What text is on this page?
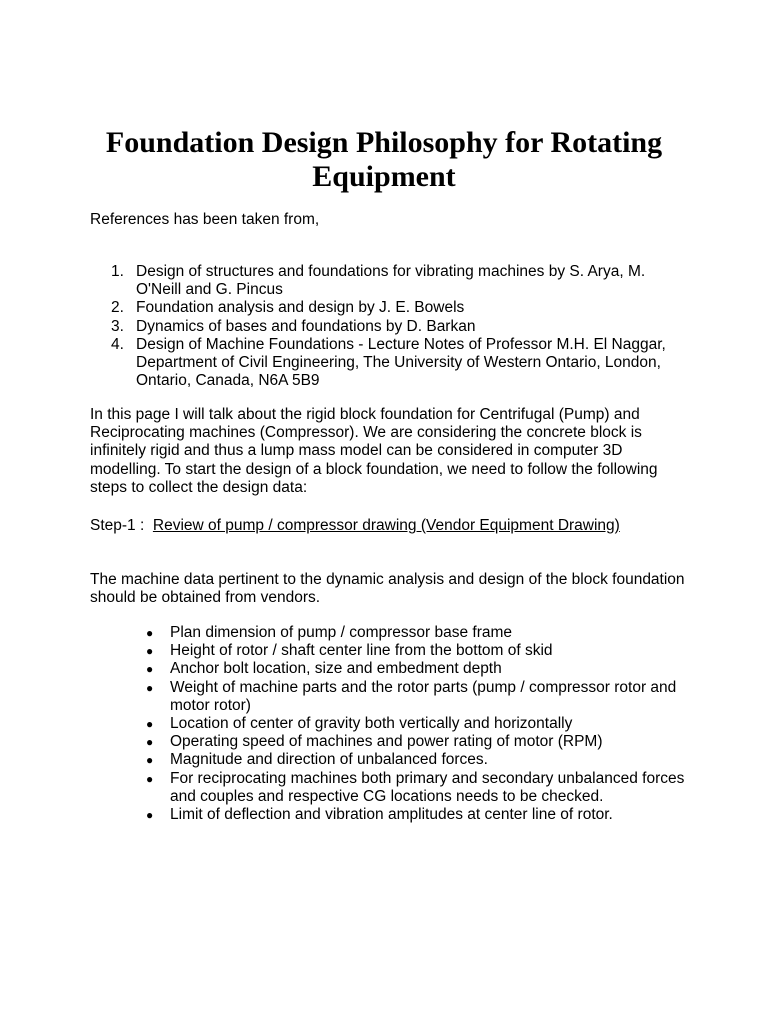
Foundation Design Philosophy for Rotating Equipment

References has been taken from,

1. Design of structures and foundations for vibrating machines by S. Arya, M. O'Neill and G. Pincus
2. Foundation analysis and design by J. E. Bowels
3. Dynamics of bases and foundations by D. Barkan
4. Design of Machine Foundations - Lecture Notes of Professor M.H. El Naggar, Department of Civil Engineering, The University of Western Ontario, London, Ontario, Canada, N6A 5B9

In this page I will talk about the rigid block foundation for Centrifugal (Pump) and Reciprocating machines (Compressor). We are considering the concrete block is infinitely rigid and thus a lump mass model can be considered in computer 3D modelling. To start the design of a block foundation, we need to follow the following steps to collect the design data:

Step-1 : Review of pump / compressor drawing (Vendor Equipment Drawing)

The machine data pertinent to the dynamic analysis and design of the block foundation should be obtained from vendors.

● Plan dimension of pump / compressor base frame
● Height of rotor / shaft center line from the bottom of skid
● Anchor bolt location, size and embedment depth
● Weight of machine parts and the rotor parts (pump / compressor rotor and motor rotor)
● Location of center of gravity both vertically and horizontally
● Operating speed of machines and power rating of motor (RPM)
● Magnitude and direction of unbalanced forces.
● For reciprocating machines both primary and secondary unbalanced forces and couples and respective CG locations needs to be checked.
● Limit of deflection and vibration amplitudes at center line of rotor.
